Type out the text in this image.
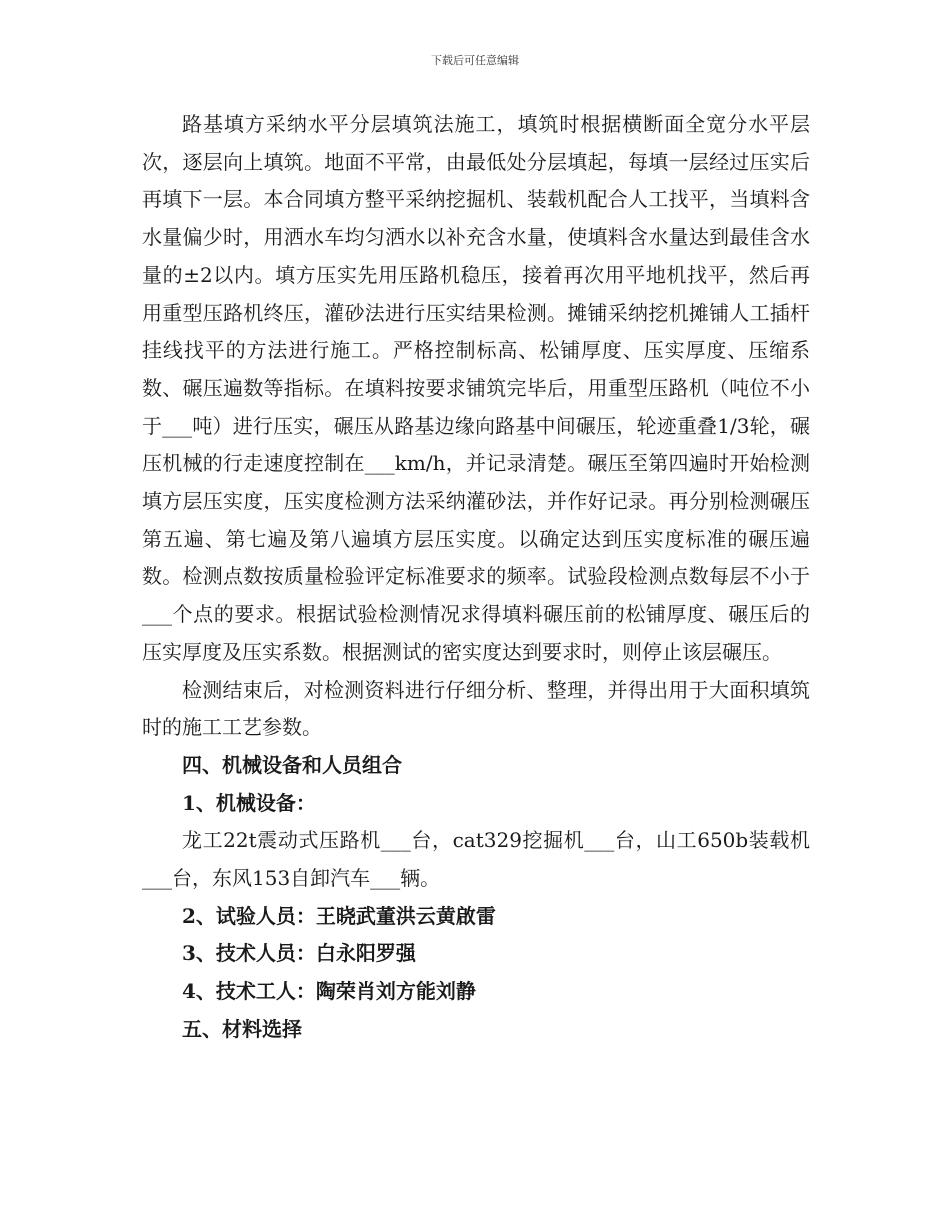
下载后可任意编辑

路基填方采纳水平分层填筑法施工，填筑时根据横断面全宽分水平层次，逐层向上填筑。地面不平常，由最低处分层填起，每填一层经过压实后再填下一层。本合同填方整平采纳挖掘机、装载机配合人工找平，当填料含水量偏少时，用洒水车均匀洒水以补充含水量，使填料含水量达到最佳含水量的±2以内。填方压实先用压路机稳压，接着再次用平地机找平，然后再用重型压路机终压，灌砂法进行压实结果检测。摊铺采纳挖机摊铺人工插杆挂线找平的方法进行施工。严格控制标高、松铺厚度、压实厚度、压缩系数、碾压遍数等指标。在填料按要求铺筑完毕后，用重型压路机（吨位不小于___吨）进行压实，碾压从路基边缘向路基中间碾压，轮迹重叠1/3轮，碾压机械的行走速度控制在___km/h，并记录清楚。碾压至第四遍时开始检测填方层压实度，压实度检测方法采纳灌砂法，并作好记录。再分别检测碾压第五遍、第七遍及第八遍填方层压实度。以确定达到压实度标准的碾压遍数。检测点数按质量检验评定标准要求的频率。试验段检测点数每层不小于___个点的要求。根据试验检测情况求得填料碾压前的松铺厚度、碾压后的压实厚度及压实系数。根据测试的密实度达到要求时，则停止该层碾压。

检测结束后，对检测资料进行仔细分析、整理，并得出用于大面积填筑时的施工工艺参数。

四、机械设备和人员组合

1、机械设备：

龙工22t震动式压路机___台，cat329挖掘机___台，山工650b装载机___台，东风153自卸汽车___辆。

2、试验人员：王晓武董洪云黄啟雷

3、技术人员：白永阳罗强

4、技术工人：陶荣肖刘方能刘静

五、材料选择
